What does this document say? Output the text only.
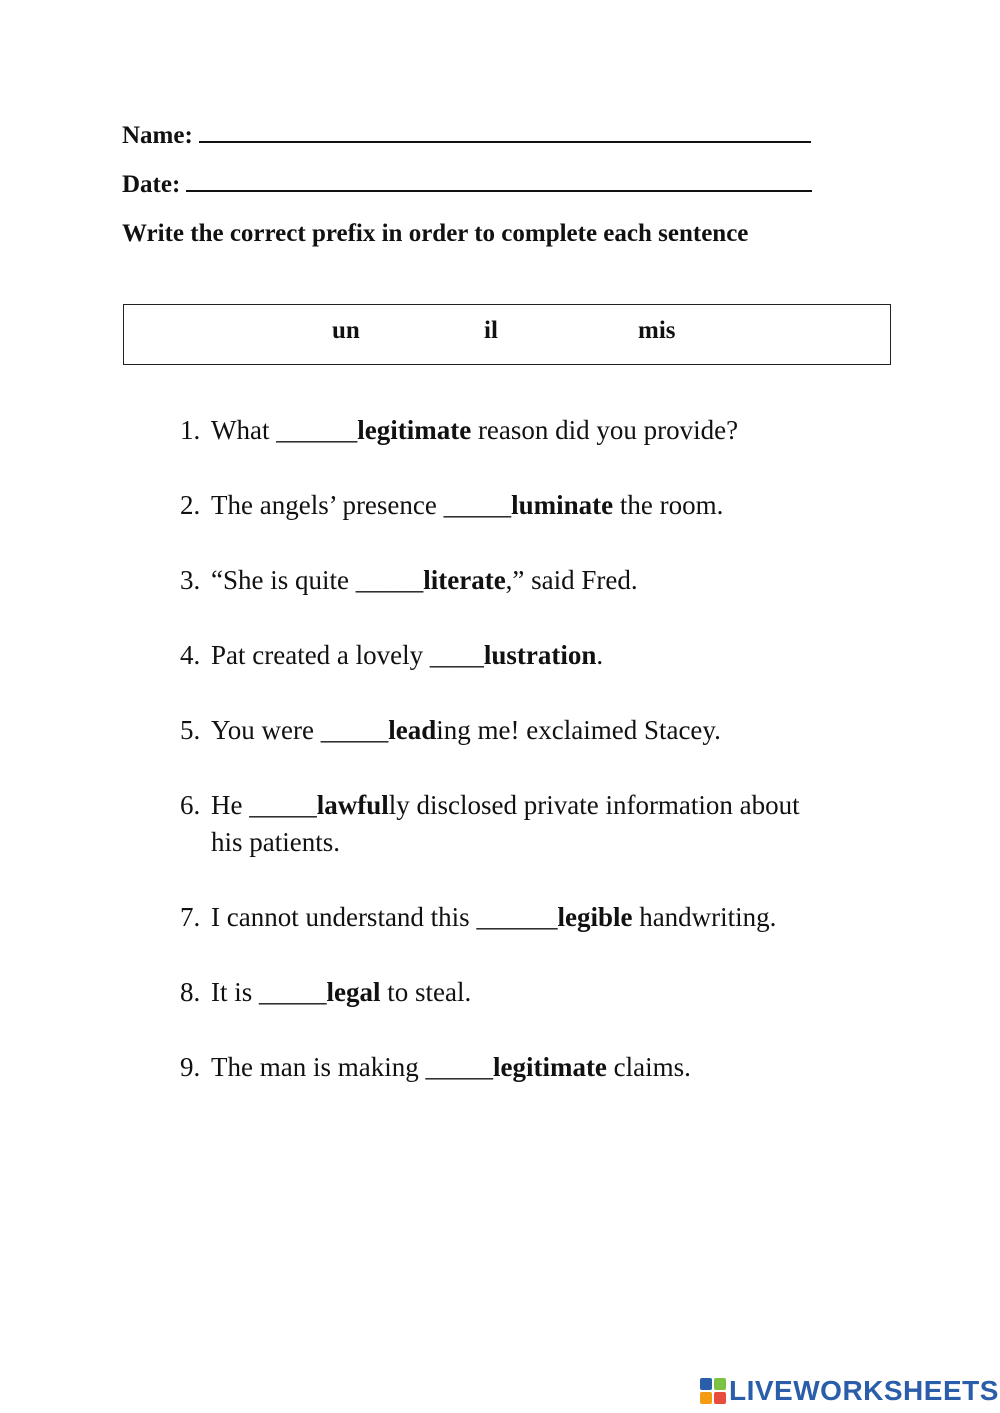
Name:
Date:
Write the correct prefix in order to complete each sentence
un	il	mis
1. What ______legitimate reason did you provide?
2. The angels’ presence _____luminate the room.
3. “She is quite _____literate,” said Fred.
4. Pat created a lovely ____lustration.
5. You were _____leading me! exclaimed Stacey.
6. He _____lawfully disclosed private information about
his patients.
7. I cannot understand this ______legible handwriting.
8. It is _____legal to steal.
9. The man is making _____legitimate claims.
LIVEWORKSHEETS
